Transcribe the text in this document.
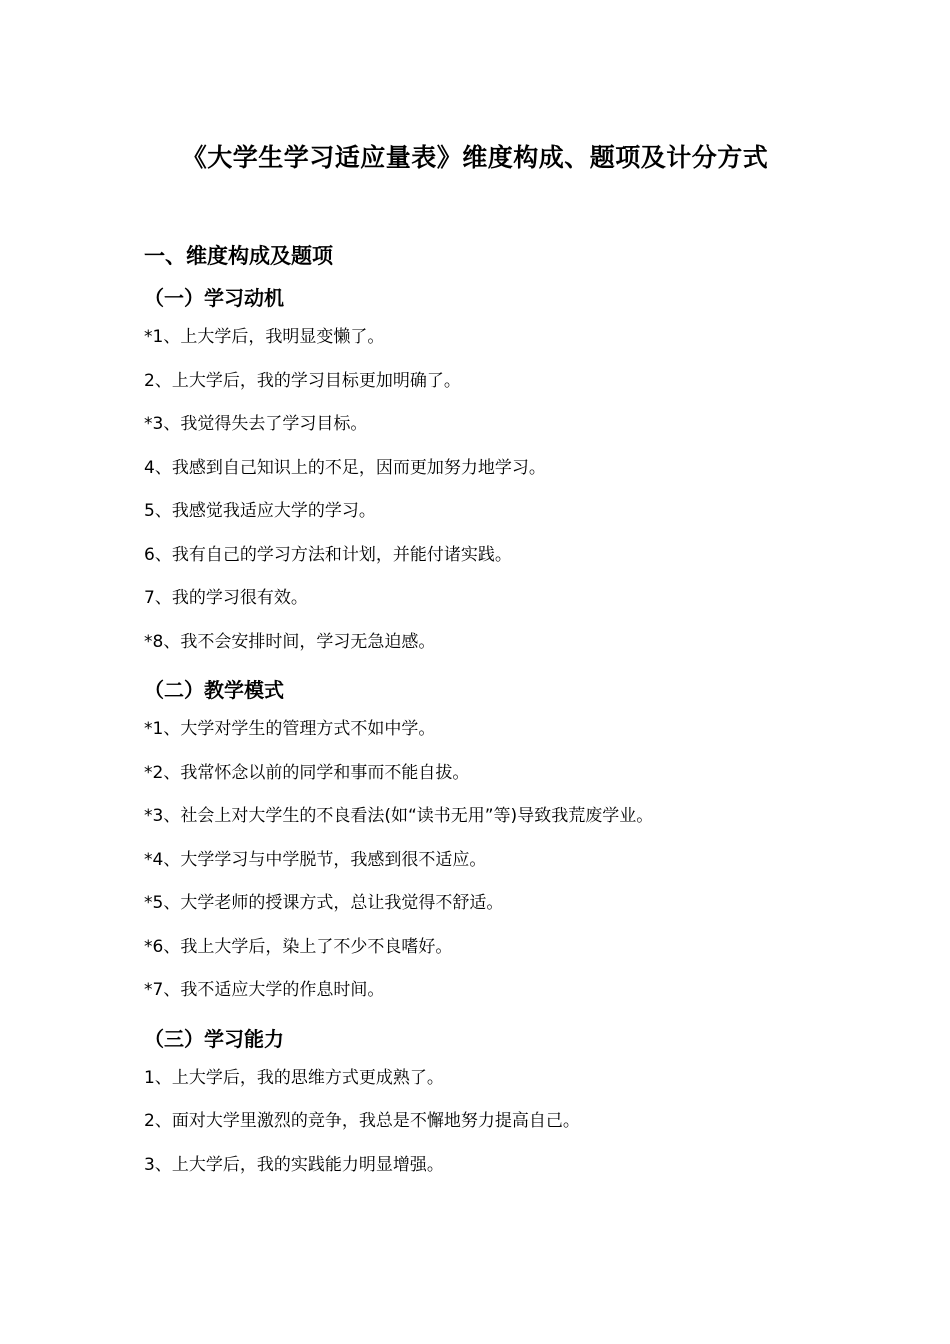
《大学生学习适应量表》维度构成、题项及计分方式
一、维度构成及题项
（一）学习动机
*1、上大学后，我明显变懒了。
2、上大学后，我的学习目标更加明确了。
*3、我觉得失去了学习目标。
4、我感到自己知识上的不足，因而更加努力地学习。
5、我感觉我适应大学的学习。
6、我有自己的学习方法和计划，并能付诸实践。
7、我的学习很有效。
*8、我不会安排时间，学习无急迫感。
（二）教学模式
*1、大学对学生的管理方式不如中学。
*2、我常怀念以前的同学和事而不能自拔。
*3、社会上对大学生的不良看法(如“读书无用”等)导致我荒废学业。
*4、大学学习与中学脱节，我感到很不适应。
*5、大学老师的授课方式，总让我觉得不舒适。
*6、我上大学后，染上了不少不良嗜好。
*7、我不适应大学的作息时间。
（三）学习能力
1、上大学后，我的思维方式更成熟了。
2、面对大学里激烈的竞争，我总是不懈地努力提高自己。
3、上大学后，我的实践能力明显增强。
